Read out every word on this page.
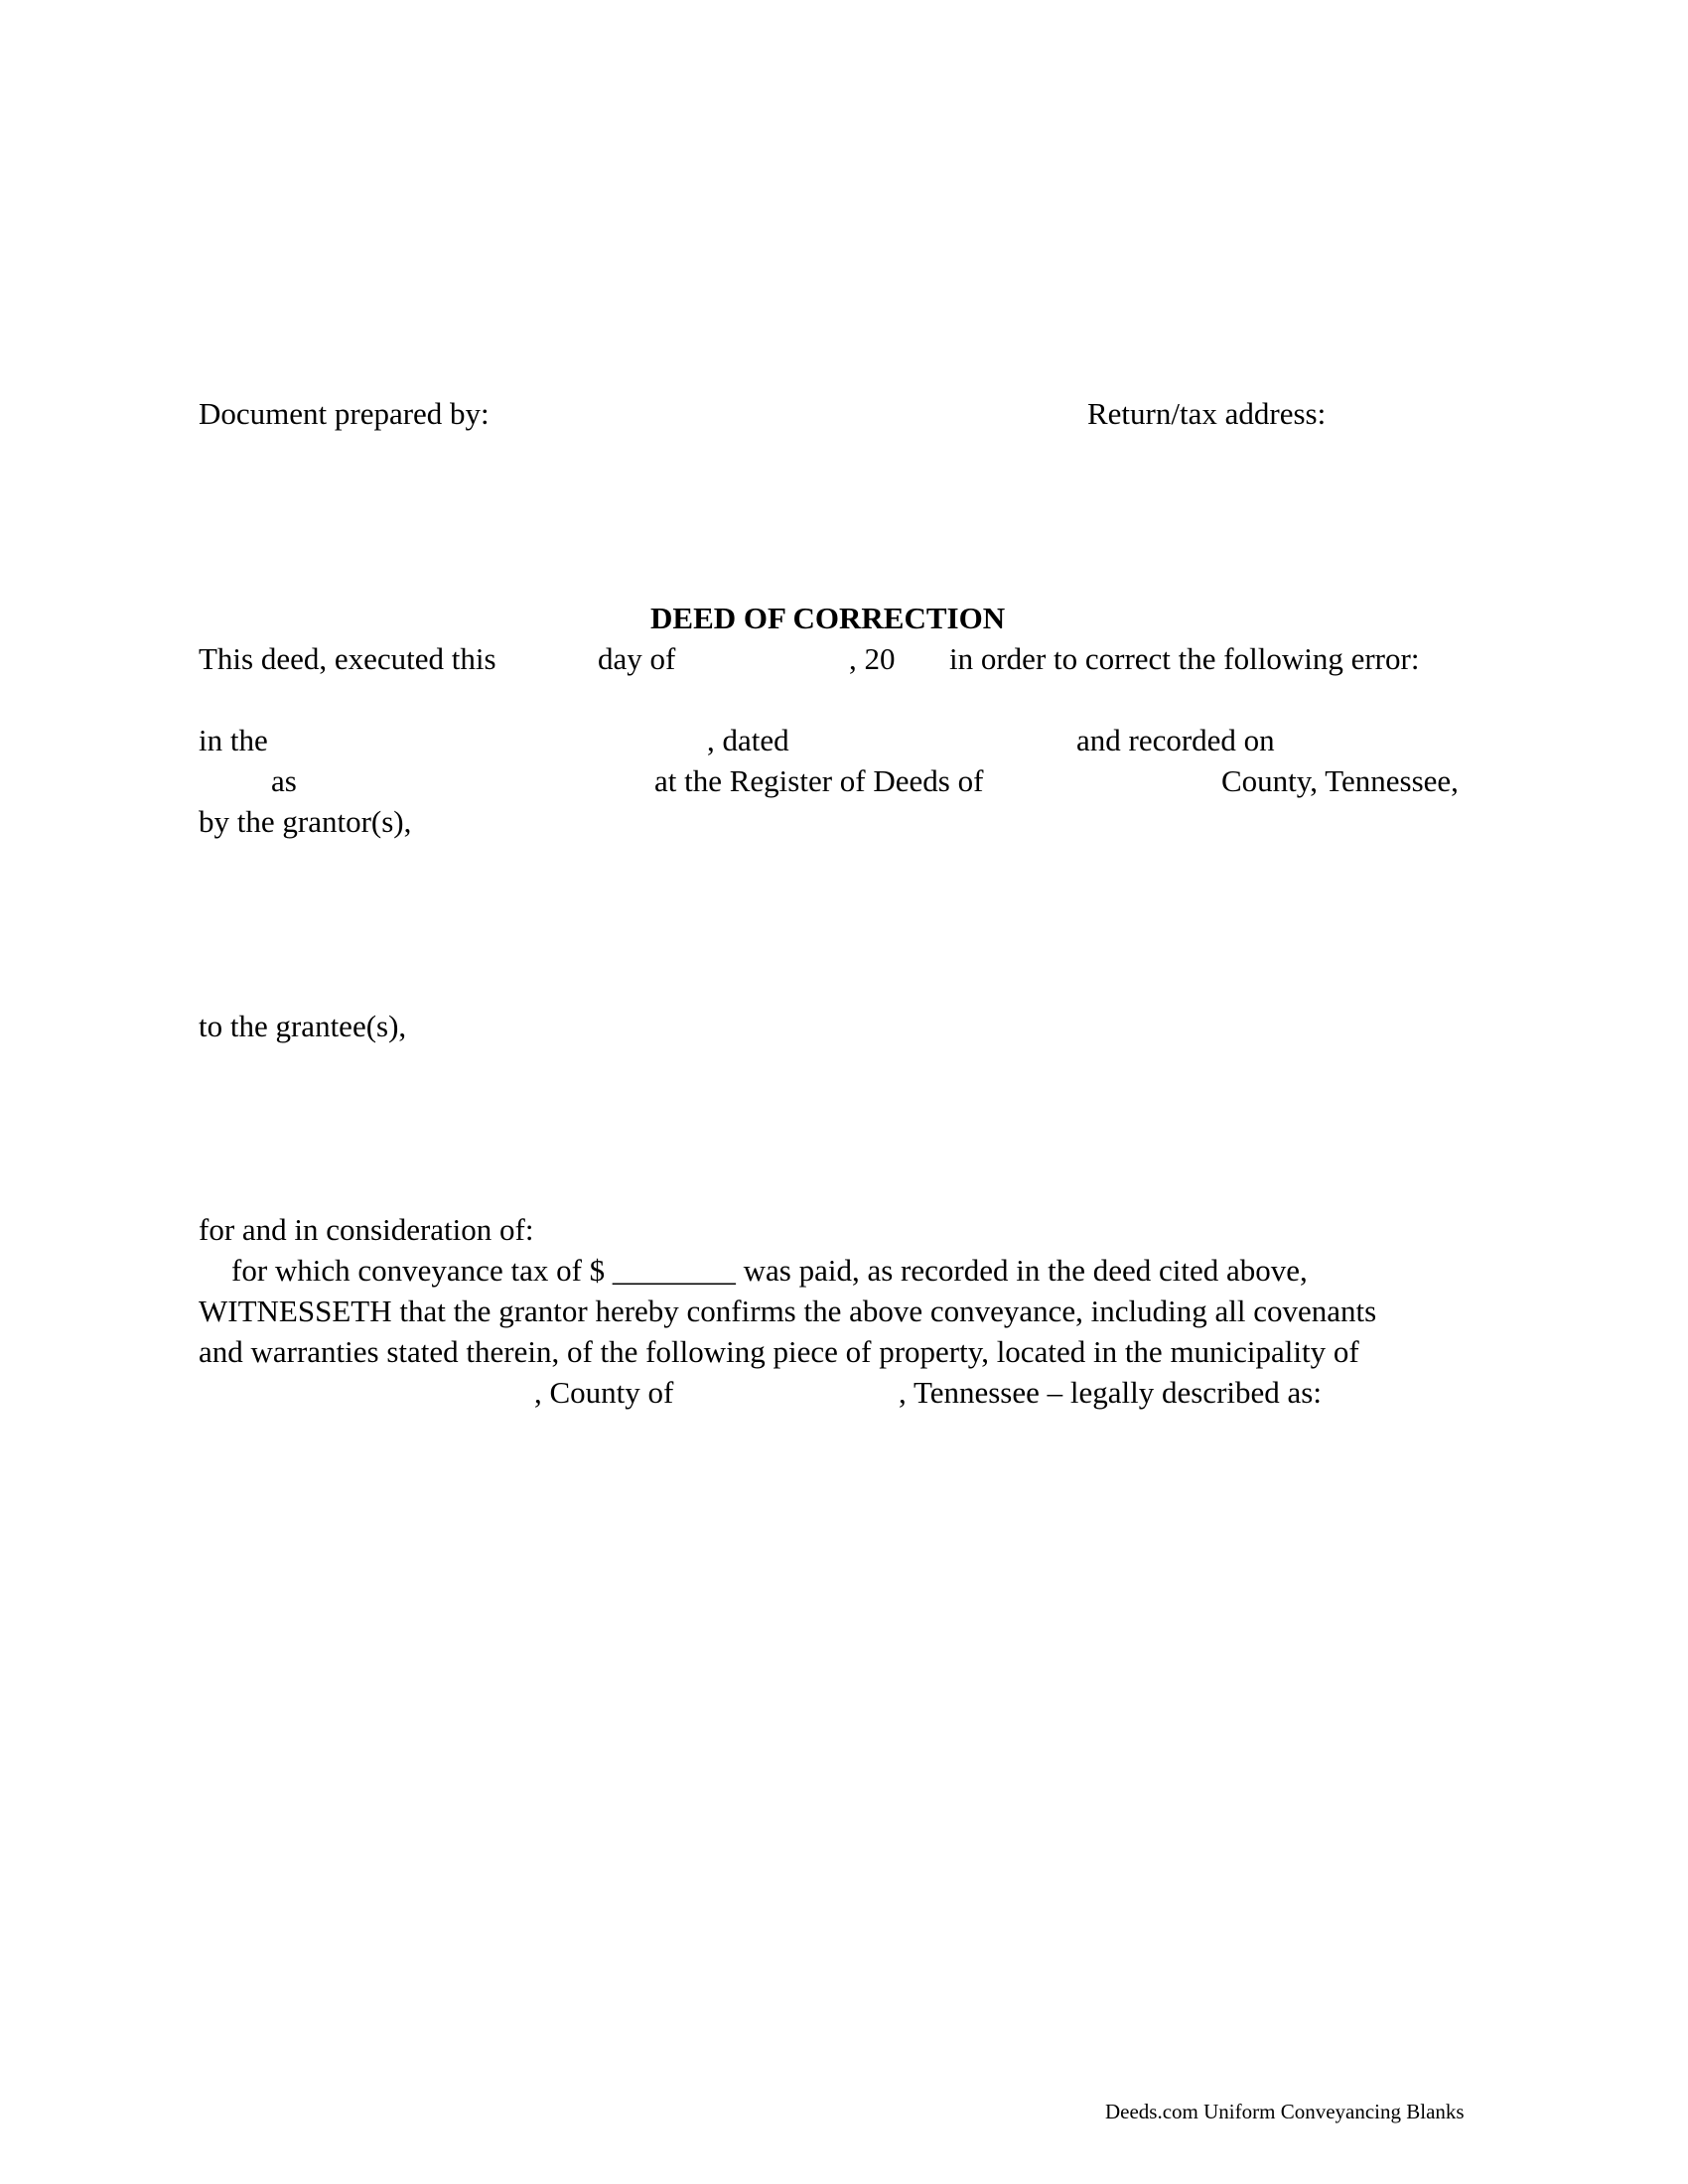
Document prepared by:	Return/tax address:
DEED OF CORRECTION
This deed, executed this	day of	, 20 in order to correct the following error:
in the	, dated	and recorded on
as	at the Register of Deeds of	County, Tennessee,
by the grantor(s),
to the grantee(s),
for and in consideration of:
for which conveyance tax of $ ________ was paid, as recorded in the deed cited above,
WITNESSETH that the grantor hereby confirms the above conveyance, including all covenants
and warranties stated therein, of the following piece of property, located in the municipality of
, County of	, Tennessee – legally described as:
Deeds.com Uniform Conveyancing Blanks
